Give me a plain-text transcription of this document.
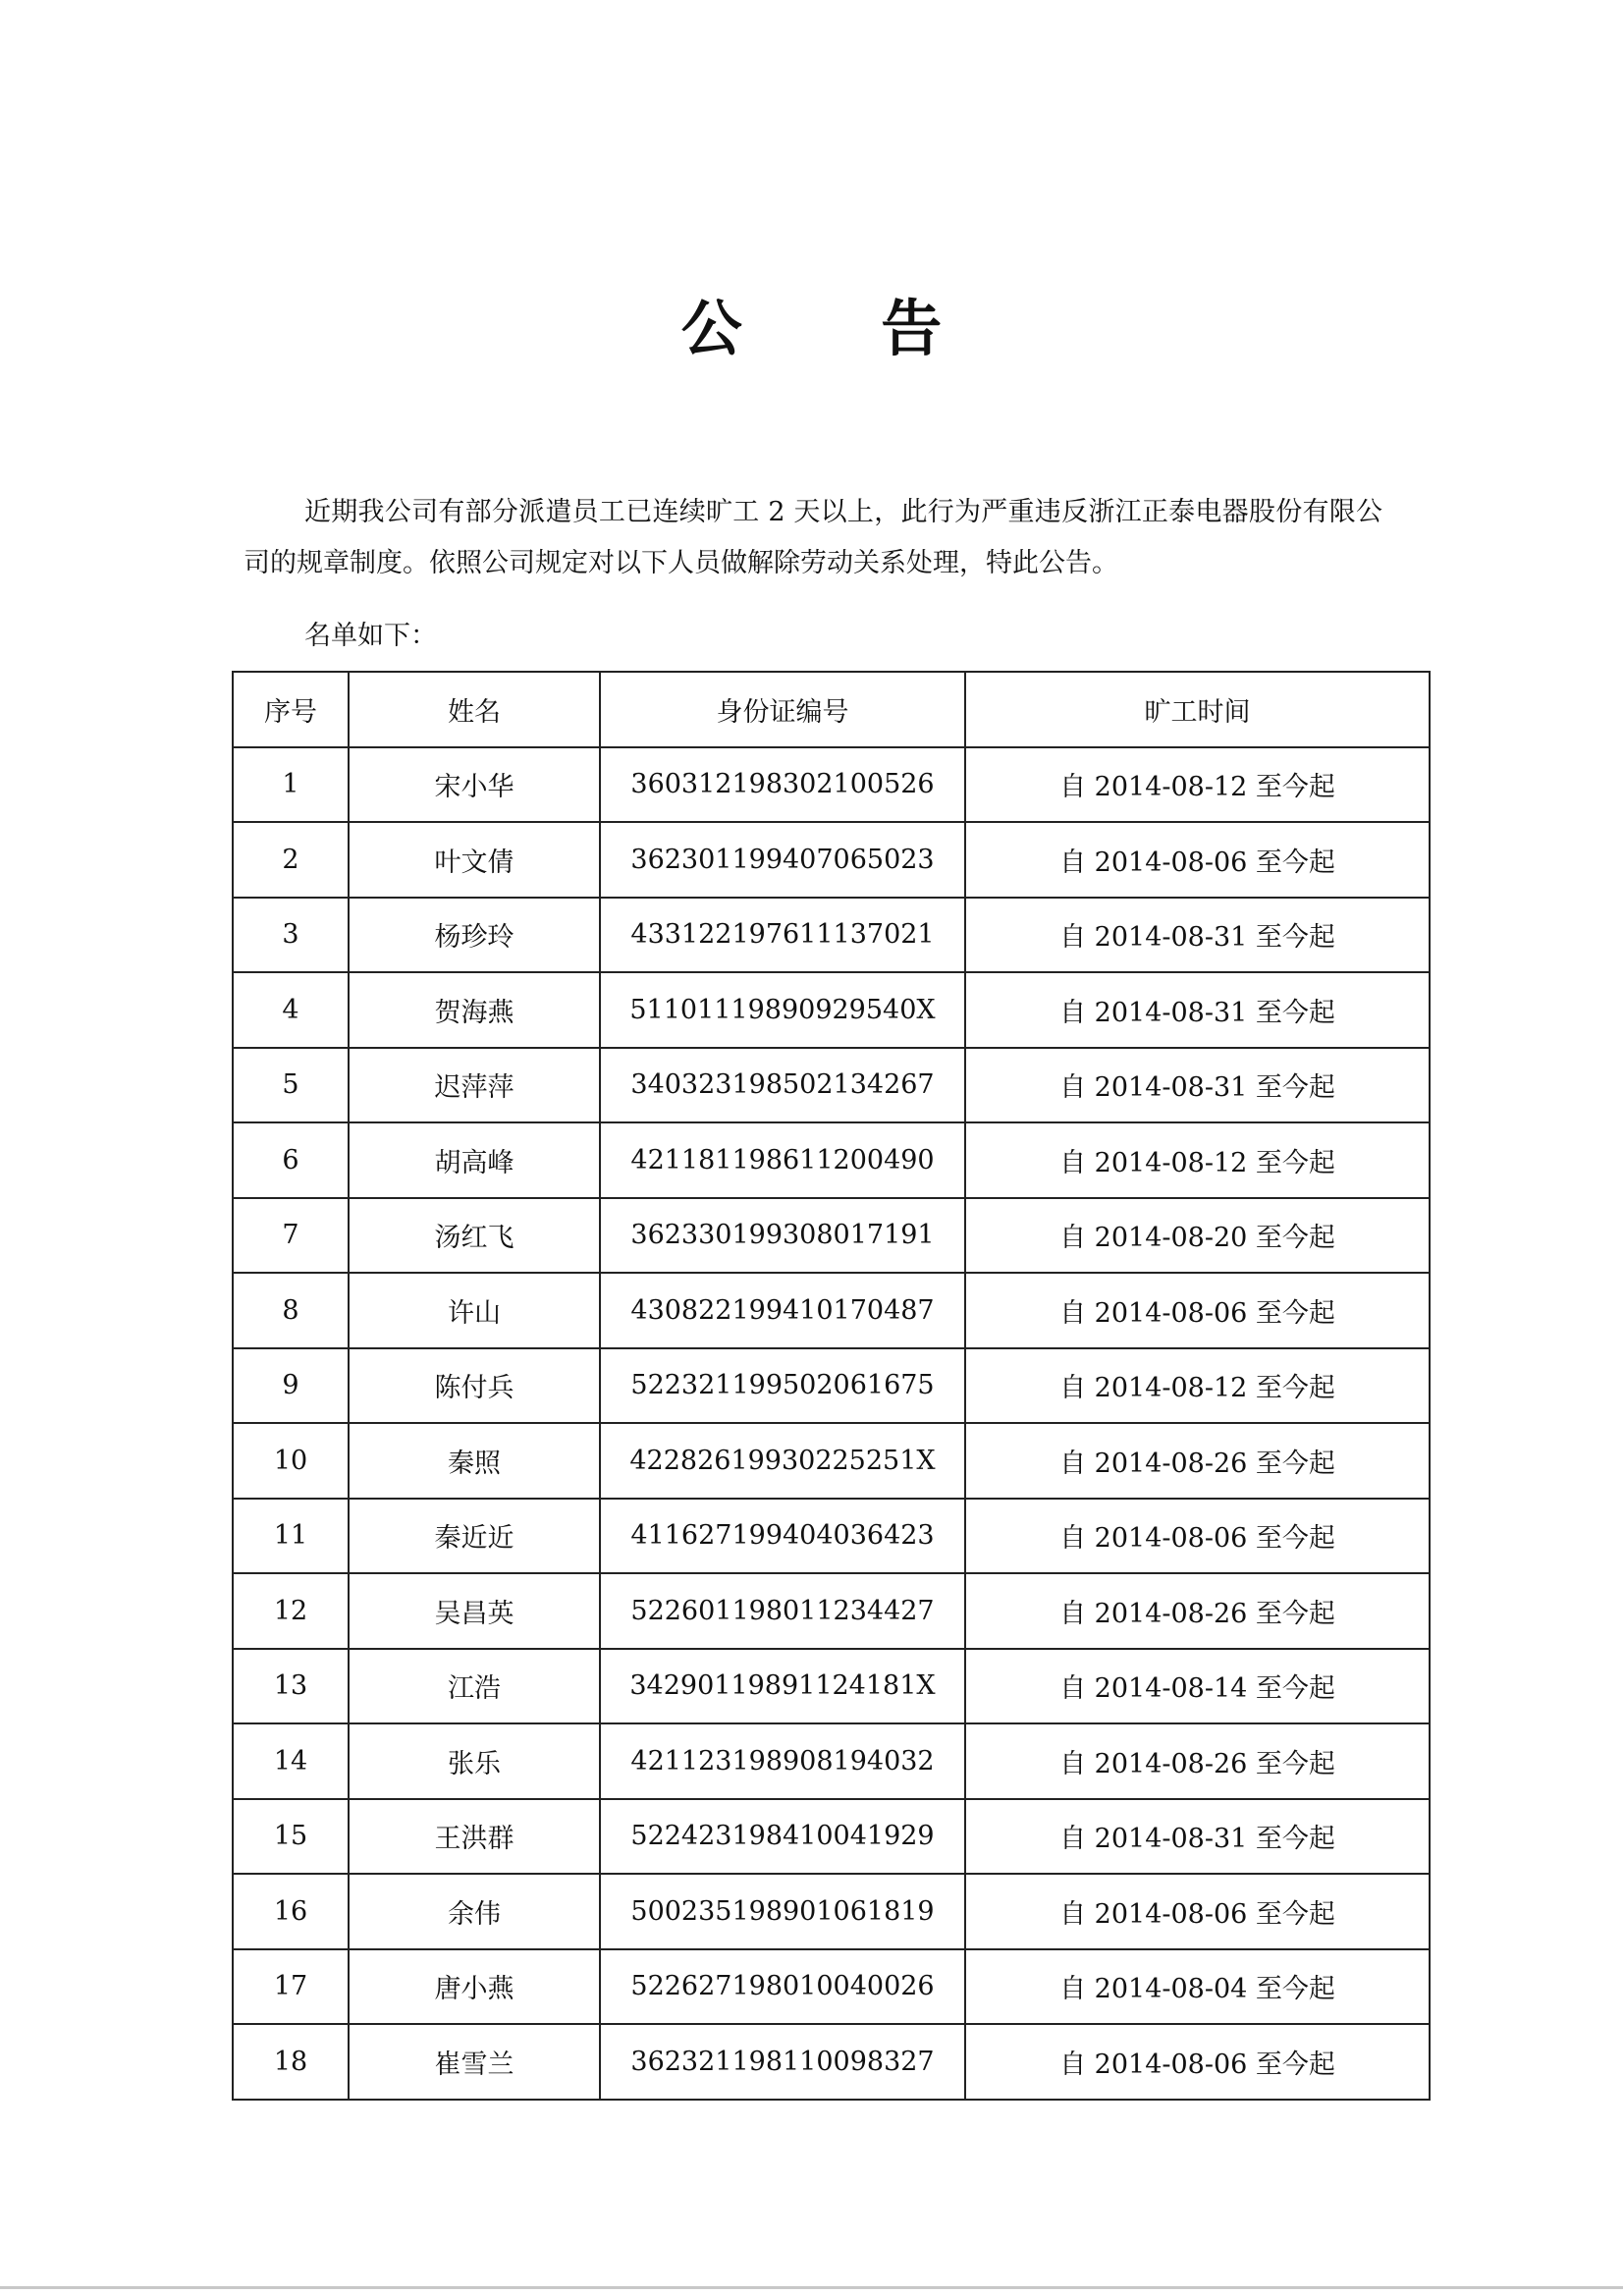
公 告
近期我公司有部分派遣员工已连续旷工 2 天以上，此行为严重违反浙江正泰电器股份有限公司的规章制度。依照公司规定对以下人员做解除劳动关系处理，特此公告。
名单如下：
序号	姓名	身份证编号	旷工时间
1	宋小华	360312198302100526	自 2014-08-12 至今起
2	叶文倩	362301199407065023	自 2014-08-06 至今起
3	杨珍玲	433122197611137021	自 2014-08-31 至今起
4	贺海燕	51101119890929540X	自 2014-08-31 至今起
5	迟萍萍	340323198502134267	自 2014-08-31 至今起
6	胡高峰	421181198611200490	自 2014-08-12 至今起
7	汤红飞	362330199308017191	自 2014-08-20 至今起
8	许山	430822199410170487	自 2014-08-06 至今起
9	陈付兵	522321199502061675	自 2014-08-12 至今起
10	秦照	42282619930225251X	自 2014-08-26 至今起
11	秦近近	411627199404036423	自 2014-08-06 至今起
12	吴昌英	522601198011234427	自 2014-08-26 至今起
13	江浩	34290119891124181X	自 2014-08-14 至今起
14	张乐	421123198908194032	自 2014-08-26 至今起
15	王洪群	522423198410041929	自 2014-08-31 至今起
16	余伟	500235198901061819	自 2014-08-06 至今起
17	唐小燕	522627198010040026	自 2014-08-04 至今起
18	崔雪兰	362321198110098327	自 2014-08-06 至今起
